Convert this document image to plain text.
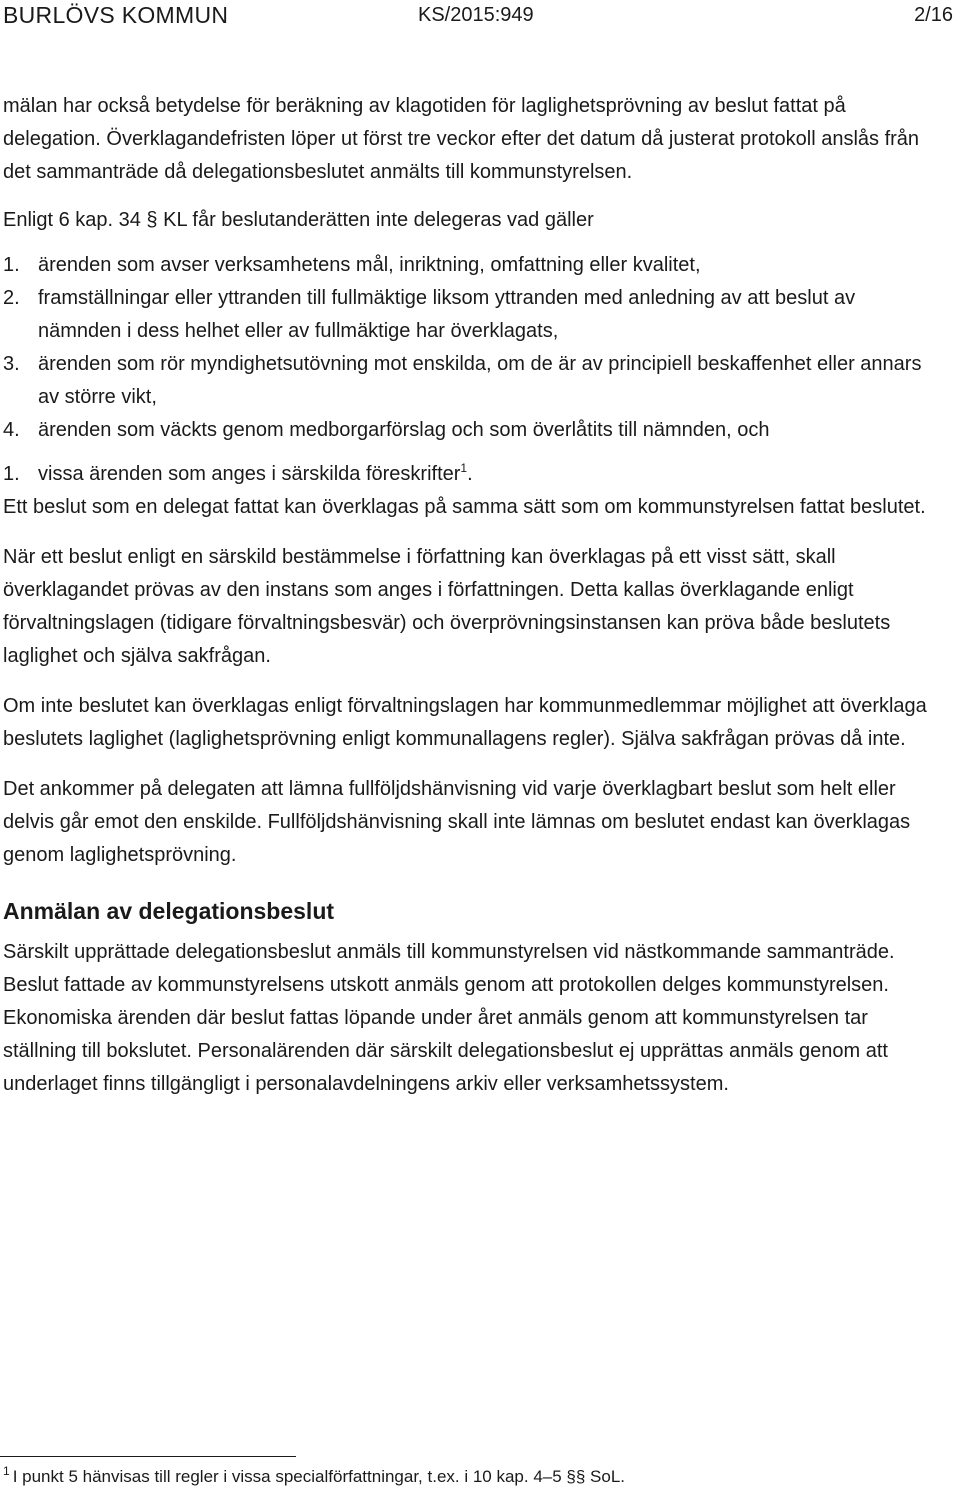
BURLÖVS KOMMUN	KS/2015:949	2/16

mälan har också betydelse för beräkning av klagotiden för laglighetsprövning av beslut fattat på delegation. Överklagandefristen löper ut först tre veckor efter det datum då justerat protokoll anslås från det sammanträde då delegationsbeslutet anmälts till kommunstyrelsen.

Enligt 6 kap. 34 § KL får beslutanderätten inte delegeras vad gäller

1. ärenden som avser verksamhetens mål, inriktning, omfattning eller kvalitet,
2. framställningar eller yttranden till fullmäktige liksom yttranden med anledning av att beslut av nämnden i dess helhet eller av fullmäktige har överklagats,
3. ärenden som rör myndighetsutövning mot enskilda, om de är av principiell beskaffenhet eller annars av större vikt,
4. ärenden som väckts genom medborgarförslag och som överlåtits till nämnden, och
1. vissa ärenden som anges i särskilda föreskrifter$^1$.

Ett beslut som en delegat fattat kan överklagas på samma sätt som om kommunstyrelsen fattat beslutet.

När ett beslut enligt en särskild bestämmelse i författning kan överklagas på ett visst sätt, skall överklagandet prövas av den instans som anges i författningen. Detta kallas överklagande enligt förvaltningslagen (tidigare förvaltningsbesvär) och överprövningsinstansen kan pröva både beslutets laglighet och själva sakfrågan.

Om inte beslutet kan överklagas enligt förvaltningslagen har kommunmedlemmar möjlighet att överklaga beslutets laglighet (laglighetsprövning enligt kommunallagens regler). Själva sakfrågan prövas då inte.

Det ankommer på delegaten att lämna fullföljdshänvisning vid varje överklagbart beslut som helt eller delvis går emot den enskilde. Fullföljdshänvisning skall inte lämnas om beslutet endast kan överklagas genom laglighetsprövning.

Anmälan av delegationsbeslut

Särskilt upprättade delegationsbeslut anmäls till kommunstyrelsen vid nästkommande sammanträde. Beslut fattade av kommunstyrelsens utskott anmäls genom att protokollen delges kommunstyrelsen. Ekonomiska ärenden där beslut fattas löpande under året anmäls genom att kommunstyrelsen tar ställning till bokslutet. Personalärenden där särskilt delegationsbeslut ej upprättas anmäls genom att underlaget finns tillgängligt i personalavdelningens arkiv eller verksamhetssystem.

$^1$ I punkt 5 hänvisas till regler i vissa specialförfattningar, t.ex. i 10 kap. 4–5 §§ SoL.
